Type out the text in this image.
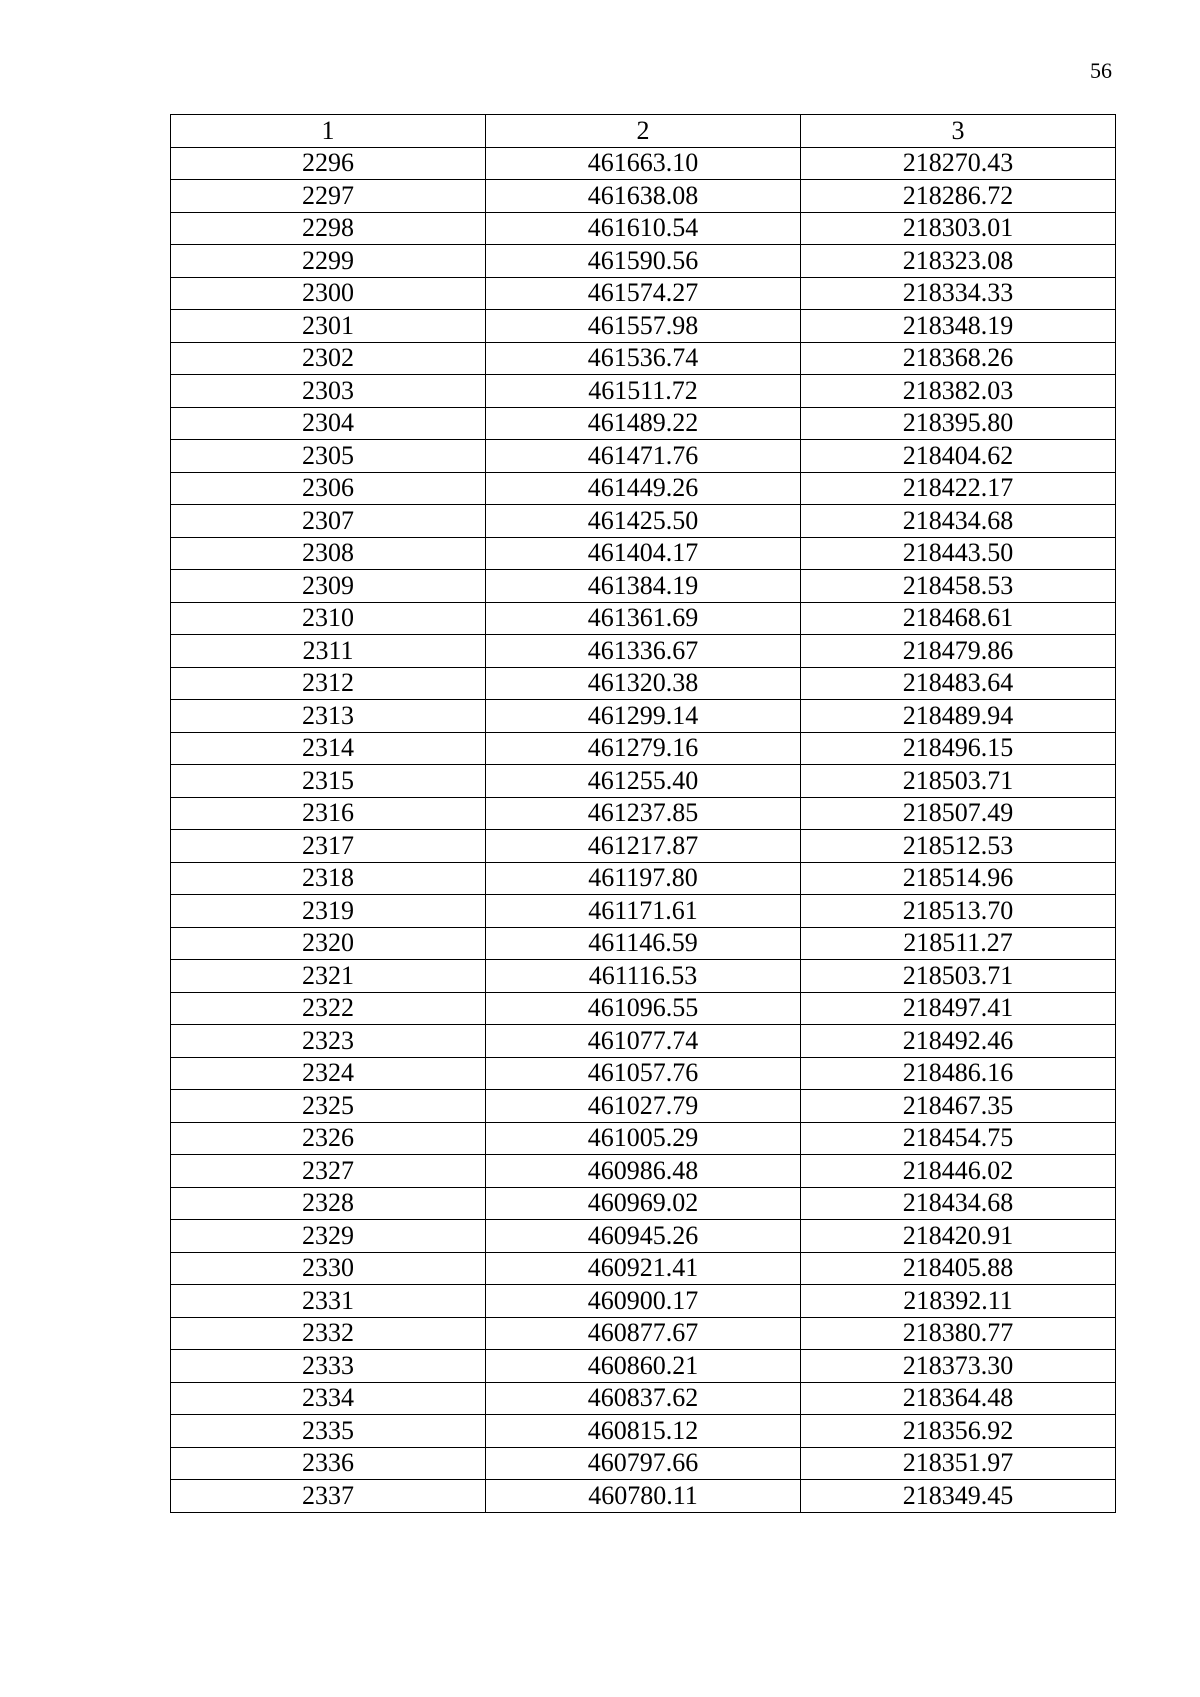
56
1	2	3
2296	461663.10	218270.43
2297	461638.08	218286.72
2298	461610.54	218303.01
2299	461590.56	218323.08
2300	461574.27	218334.33
2301	461557.98	218348.19
2302	461536.74	218368.26
2303	461511.72	218382.03
2304	461489.22	218395.80
2305	461471.76	218404.62
2306	461449.26	218422.17
2307	461425.50	218434.68
2308	461404.17	218443.50
2309	461384.19	218458.53
2310	461361.69	218468.61
2311	461336.67	218479.86
2312	461320.38	218483.64
2313	461299.14	218489.94
2314	461279.16	218496.15
2315	461255.40	218503.71
2316	461237.85	218507.49
2317	461217.87	218512.53
2318	461197.80	218514.96
2319	461171.61	218513.70
2320	461146.59	218511.27
2321	461116.53	218503.71
2322	461096.55	218497.41
2323	461077.74	218492.46
2324	461057.76	218486.16
2325	461027.79	218467.35
2326	461005.29	218454.75
2327	460986.48	218446.02
2328	460969.02	218434.68
2329	460945.26	218420.91
2330	460921.41	218405.88
2331	460900.17	218392.11
2332	460877.67	218380.77
2333	460860.21	218373.30
2334	460837.62	218364.48
2335	460815.12	218356.92
2336	460797.66	218351.97
2337	460780.11	218349.45
